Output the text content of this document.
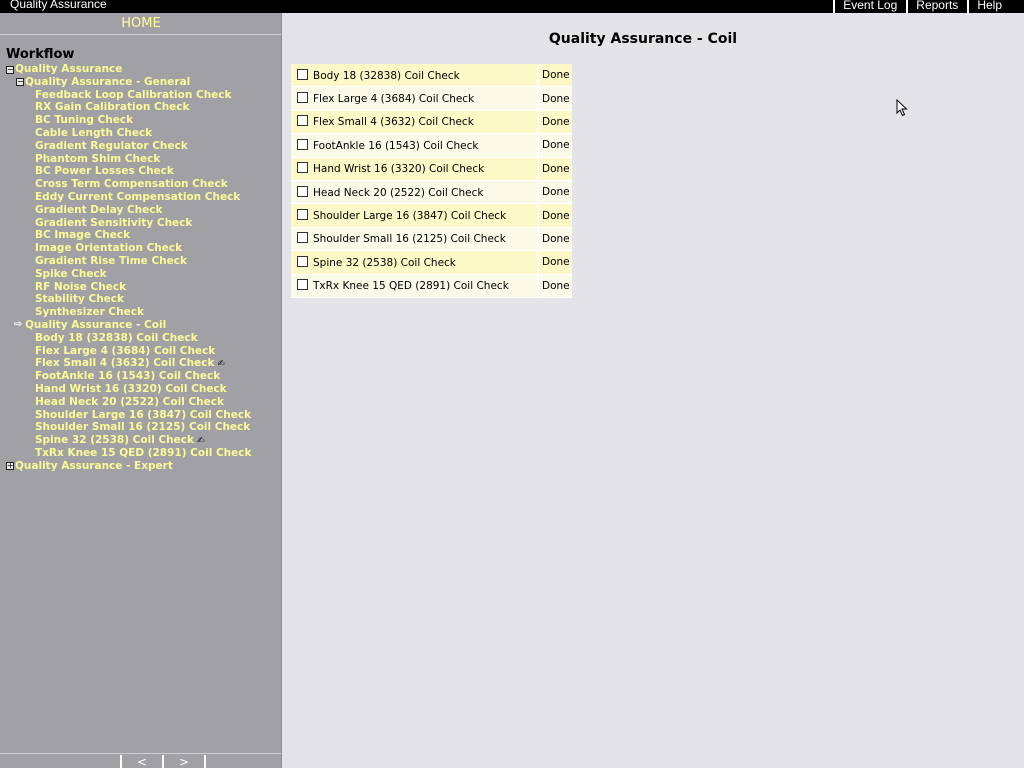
Quality Assurance	Event Log	Reports	Help
HOME
Workflow
− Quality Assurance
− Quality Assurance - General
Feedback Loop Calibration Check
RX Gain Calibration Check
BC Tuning Check
Cable Length Check
Gradient Regulator Check
Phantom Shim Check
BC Power Losses Check
Cross Term Compensation Check
Eddy Current Compensation Check
Gradient Delay Check
Gradient Sensitivity Check
BC Image Check
Image Orientation Check
Gradient Rise Time Check
Spike Check
RF Noise Check
Stability Check
Synthesizer Check
⇨ Quality Assurance - Coil
Body 18 (32838) Coil Check
Flex Large 4 (3684) Coil Check
Flex Small 4 (3632) Coil Check ✍
FootAnkle 16 (1543) Coil Check
Hand Wrist 16 (3320) Coil Check
Head Neck 20 (2522) Coil Check
Shoulder Large 16 (3847) Coil Check
Shoulder Small 16 (2125) Coil Check
Spine 32 (2538) Coil Check ✍
TxRx Knee 15 QED (2891) Coil Check
+ Quality Assurance - Expert
<	>
Quality Assurance - Coil
Body 18 (32838) Coil Check	Done
Flex Large 4 (3684) Coil Check	Done
Flex Small 4 (3632) Coil Check	Done
FootAnkle 16 (1543) Coil Check	Done
Hand Wrist 16 (3320) Coil Check	Done
Head Neck 20 (2522) Coil Check	Done
Shoulder Large 16 (3847) Coil Check	Done
Shoulder Small 16 (2125) Coil Check	Done
Spine 32 (2538) Coil Check	Done
TxRx Knee 15 QED (2891) Coil Check	Done
